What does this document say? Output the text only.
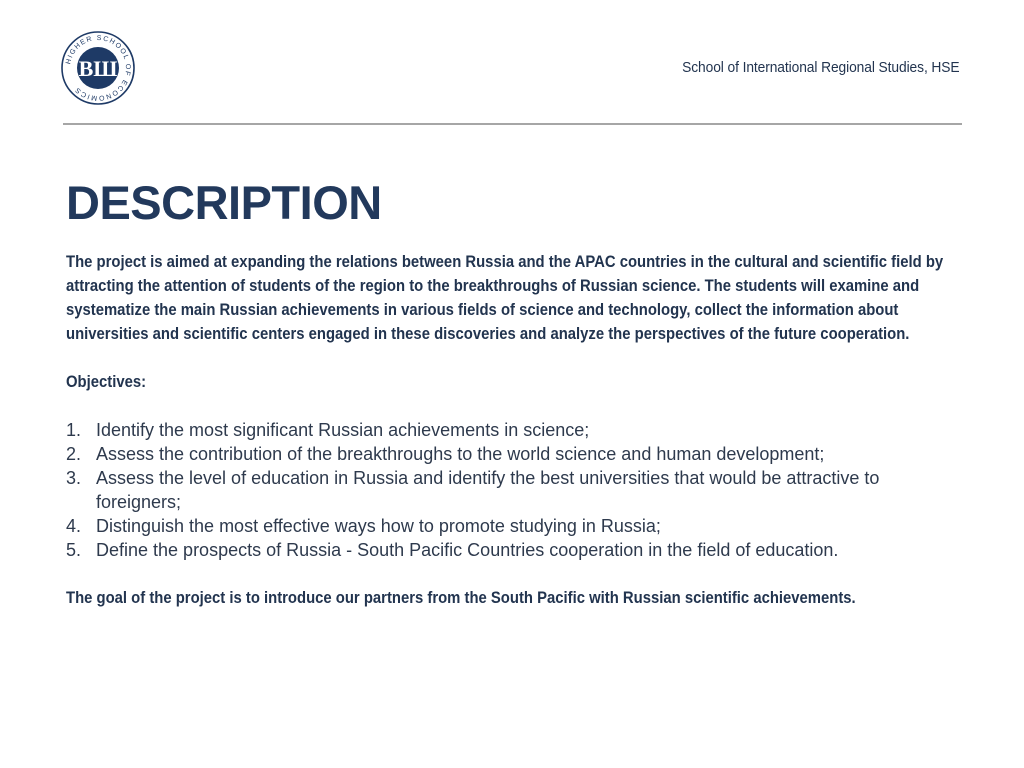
HIGHER SCHOOL OF ECONOMICS
ВШ	School of International Regional Studies, HSE
DESCRIPTION

The project is aimed at expanding the relations between Russia and the APAC countries in the cultural and scientific field by attracting the attention of students of the region to the breakthroughs of Russian science. The students will examine and systematize the main Russian achievements in various fields of science and technology, collect the information about universities and scientific centers engaged in these discoveries and analyze the perspectives of the future cooperation.

Objectives:

1. Identify the most significant Russian achievements in science;
2. Assess the contribution of the breakthroughs to the world science and human development;
3. Assess the level of education in Russia and identify the best universities that would be attractive to foreigners;
4. Distinguish the most effective ways how to promote studying in Russia;
5. Define the prospects of Russia - South Pacific Countries cooperation in the field of education.

The goal of the project is to introduce our partners from the South Pacific with Russian scientific achievements.
